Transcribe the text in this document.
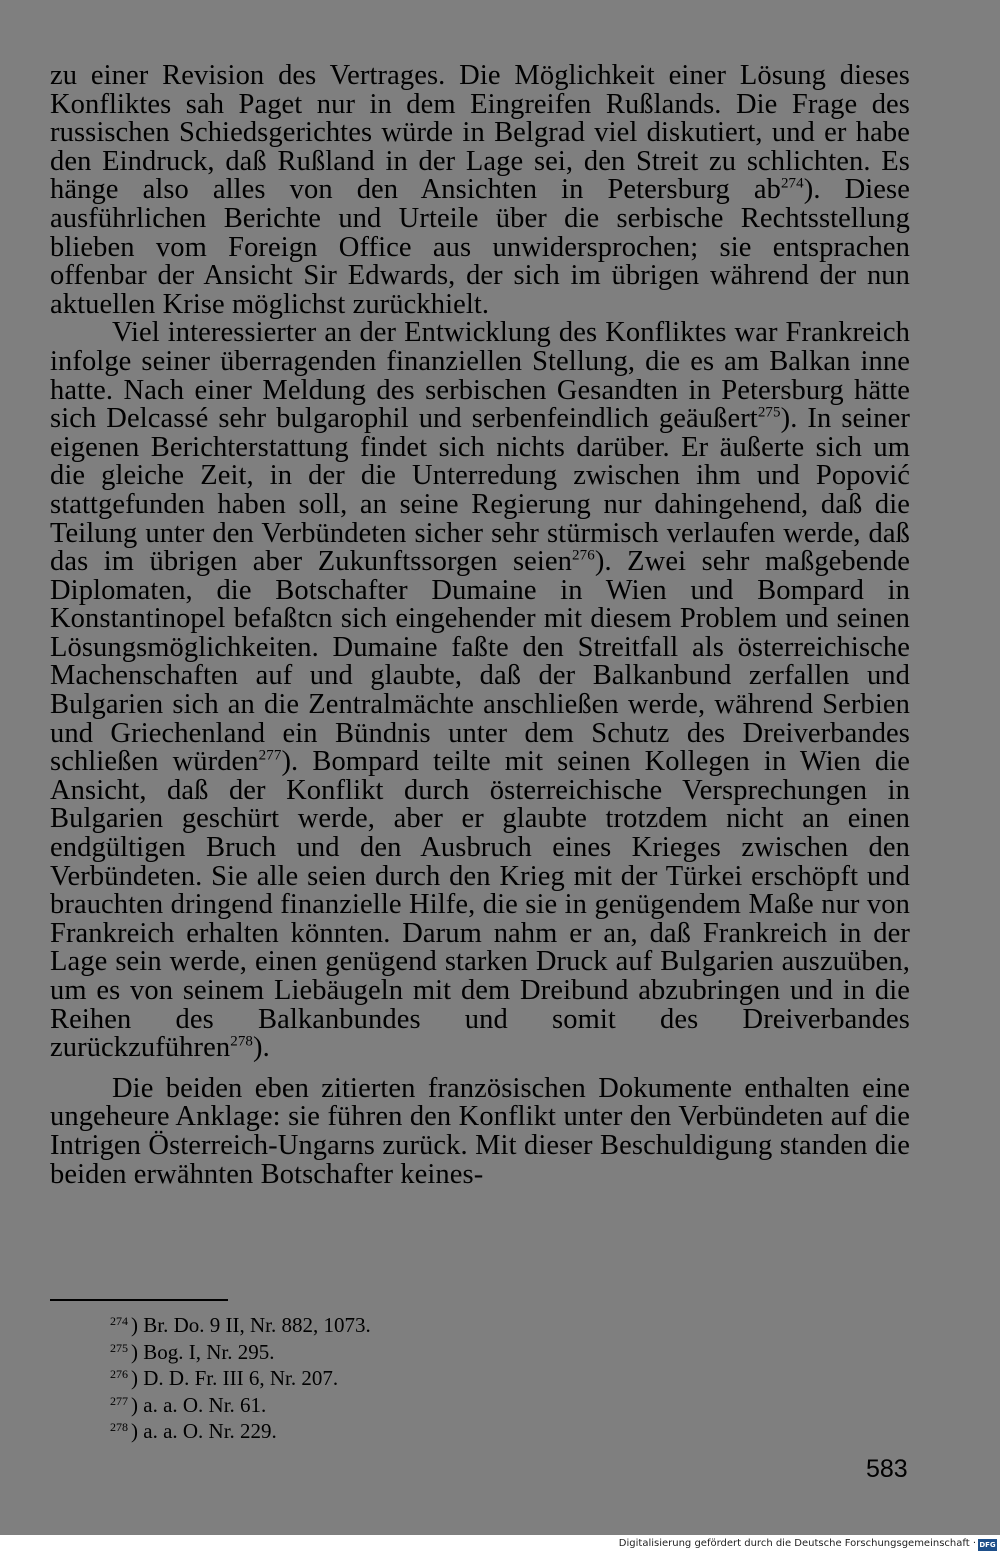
zu einer Revision des Vertrages. Die Möglichkeit einer Lösung dieses Konfliktes sah Paget nur in dem Eingreifen Rußlands. Die Frage des russischen Schiedsgerichtes würde in Belgrad viel diskutiert, und er habe den Eindruck, daß Rußland in der Lage sei, den Streit zu schlichten. Es hänge also alles von den Ansichten in Petersburg $ab^{274}$). Diese ausführlichen Berichte und Urteile über die serbische Rechtsstellung blieben vom Foreign Office aus unwidersprochen; sie entsprachen offenbar der Ansicht Sir Edwards, der sich im übrigen während der nun aktuellen Krise möglichst zurückhielt.

Viel interessierter an der Entwicklung des Konfliktes war Frankreich infolge seiner überragenden finanziellen Stellung, die es am Balkan inne hatte. Nach einer Meldung des serbischen Gesandten in Petersburg hätte sich Delcassé sehr bulgarophil und serbenfeindlich geäußert$^{275}$). In seiner eigenen Berichterstattung findet sich nichts darüber. Er äußerte sich um die gleiche Zeit, in der die Unterredung zwischen ihm und Popović stattgefunden haben soll, an seine Regierung nur dahingehend, daß die Teilung unter den Verbündeten sicher sehr stürmisch verlaufen werde, daß das im übrigen aber Zukunftssorgen seien$^{276}$). Zwei sehr maßgebende Diplomaten, die Botschafter Dumaine in Wien und Bompard in Konstantinopel befaßtcn sich eingehender mit diesem Problem und seinen Lösungsmöglichkeiten. Dumaine faßte den Streitfall als österreichische Machenschaften auf und glaubte, daß der Balkanbund zerfallen und Bulgarien sich an die Zentralmächte anschließen werde, während Serbien und Griechenland ein Bündnis unter dem Schutz des Dreiverbandes schließen würden$^{277}$). Bompard teilte mit seinen Kollegen in Wien die Ansicht, daß der Konflikt durch österreichische Versprechungen in Bulgarien geschürt werde, aber er glaubte trotzdem nicht an einen endgültigen Bruch und den Ausbruch eines Krieges zwischen den Verbündeten. Sie alle seien durch den Krieg mit der Türkei erschöpft und brauchten dringend finanzielle Hilfe, die sie in genügendem Maße nur von Frankreich erhalten könnten. Darum nahm er an, daß Frankreich in der Lage sein werde, einen genügend starken Druck auf Bulgarien auszuüben, um es von seinem Liebäugeln mit dem Dreibund abzubringen und in die Reihen des Balkanbundes und somit des Dreiverbandes zurückzuführen$^{278}$).

Die beiden eben zitierten französischen Dokumente enthalten eine ungeheure Anklage: sie führen den Konflikt unter den Verbündeten auf die Intrigen Österreich-Ungarns zurück. Mit dieser Beschuldigung standen die beiden erwähnten Botschafter keines-

$^{274}$ ) Br. Do. 9 II, Nr. 882, 1073.
$^{275}$ ) Bog. I, Nr. 295.
$^{276}$ ) D. D. Fr. III 6, Nr. 207.
$^{277}$ ) a. a. O. Nr. 61.
$^{278}$ ) a. a. O. Nr. 229.
583
Digitalisierung gefördert durch die Deutsche Forschungsgemeinschaft · DFG
